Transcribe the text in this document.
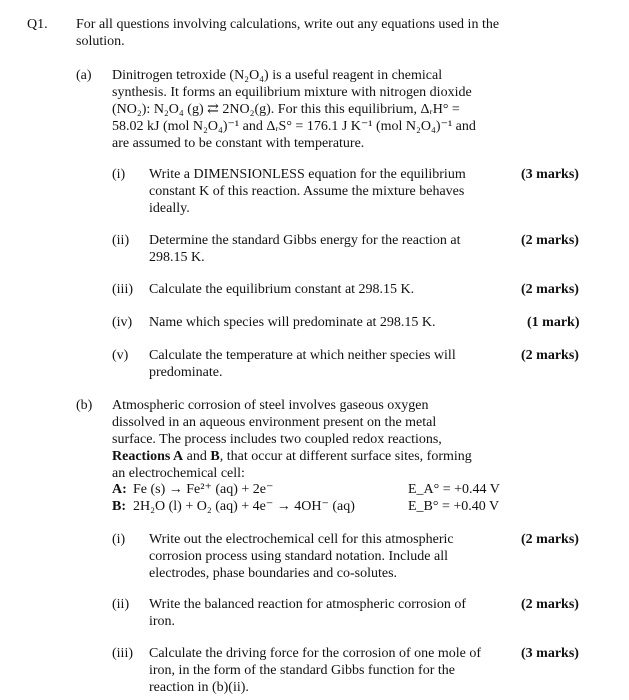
Q1. For all questions involving calculations, write out any equations used in the solution.
(a) Dinitrogen tetroxide (N₂O₄) is a useful reagent in chemical
synthesis. It forms an equilibrium mixture with nitrogen dioxide
(NO₂): N₂O₄ (g) ⇄ 2NO₂(g). For this this equilibrium, ΔᵣH° =
58.02 kJ (mol N₂O₄)⁻¹ and ΔᵣS° = 176.1 J K⁻¹ (mol N₂O₄)⁻¹ and
are assumed to be constant with temperature.
(i) Write a DIMENSIONLESS equation for the equilibrium
constant K of this reaction. Assume the mixture behaves
ideally.
(3 marks)
(ii) Determine the standard Gibbs energy for the reaction at
298.15 K.
(2 marks)
(iii) Calculate the equilibrium constant at 298.15 K.	(2 marks)
(iv) Name which species will predominate at 298.15 K.	(1 mark)
(v) Calculate the temperature at which neither species will
predominate.
(2 marks)
(b) Atmospheric corrosion of steel involves gaseous oxygen
dissolved in an aqueous environment present on the metal
surface. The process includes two coupled redox reactions,
Reactions A and B, that occur at different surface sites, forming
an electrochemical cell:
A: Fe (s) → Fe²⁺ (aq) + 2e⁻	E_A° = +0.44 V
B: 2H₂O (l) + O₂ (aq) + 4e⁻ → 4OH⁻ (aq)	E_B° = +0.40 V
(i) Write out the electrochemical cell for this atmospheric
corrosion process using standard notation. Include all
electrodes, phase boundaries and co-solutes.
(2 marks)
(ii) Write the balanced reaction for atmospheric corrosion of
iron.
(2 marks)
(iii) Calculate the driving force for the corrosion of one mole of
iron, in the form of the standard Gibbs function for the
reaction in (b)(ii).
(3 marks)
